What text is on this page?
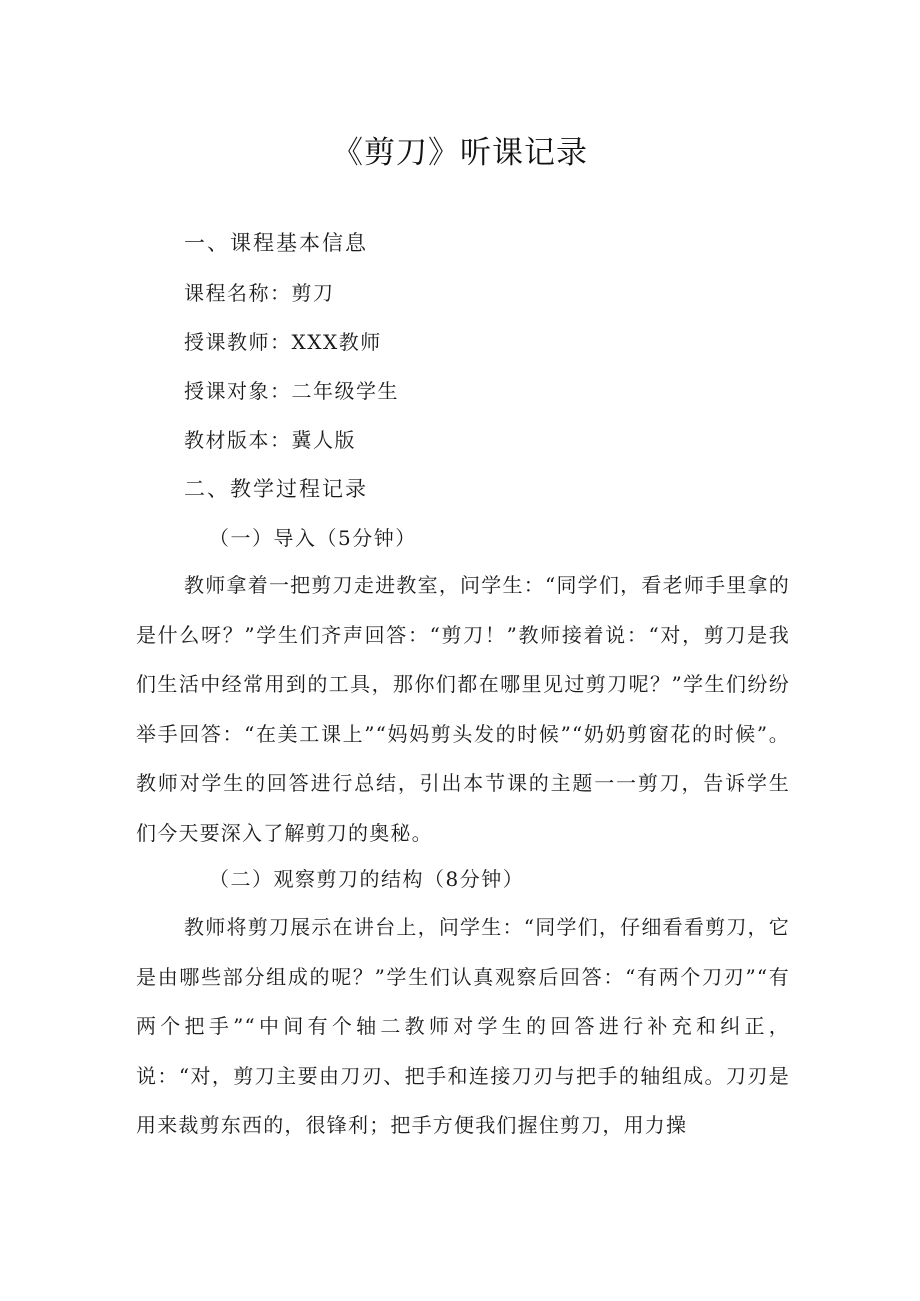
《剪刀》听课记录
一、课程基本信息
课程名称：剪刀
授课教师：XXX教师
授课对象：二年级学生
教材版本：冀人版
二、教学过程记录
（一）导入（5分钟）

教师拿着一把剪刀走进教室，问学生：“同学们，看老师手里拿的是什么呀？”学生们齐声回答：“剪刀！”教师接着说：“对，剪刀是我们生活中经常用到的工具，那你们都在哪里见过剪刀呢？”学生们纷纷举手回答：“在美工课上”“妈妈剪头发的时候”“奶奶剪窗花的时候”。教师对学生的回答进行总结，引出本节课的主题一一剪刀，告诉学生们今天要深入了解剪刀的奥秘。

（二）观察剪刀的结构（8分钟）

教师将剪刀展示在讲台上，问学生：“同学们，仔细看看剪刀，它是由哪些部分组成的呢？”学生们认真观察后回答：“有两个刀刃”“有两个把手”“中间有个轴二教师对学生的回答进行补充和纠正，说：“对，剪刀主要由刀刃、把手和连接刀刃与把手的轴组成。刀刃是用来裁剪东西的，很锋利；把手方便我们握住剪刀，用力操
